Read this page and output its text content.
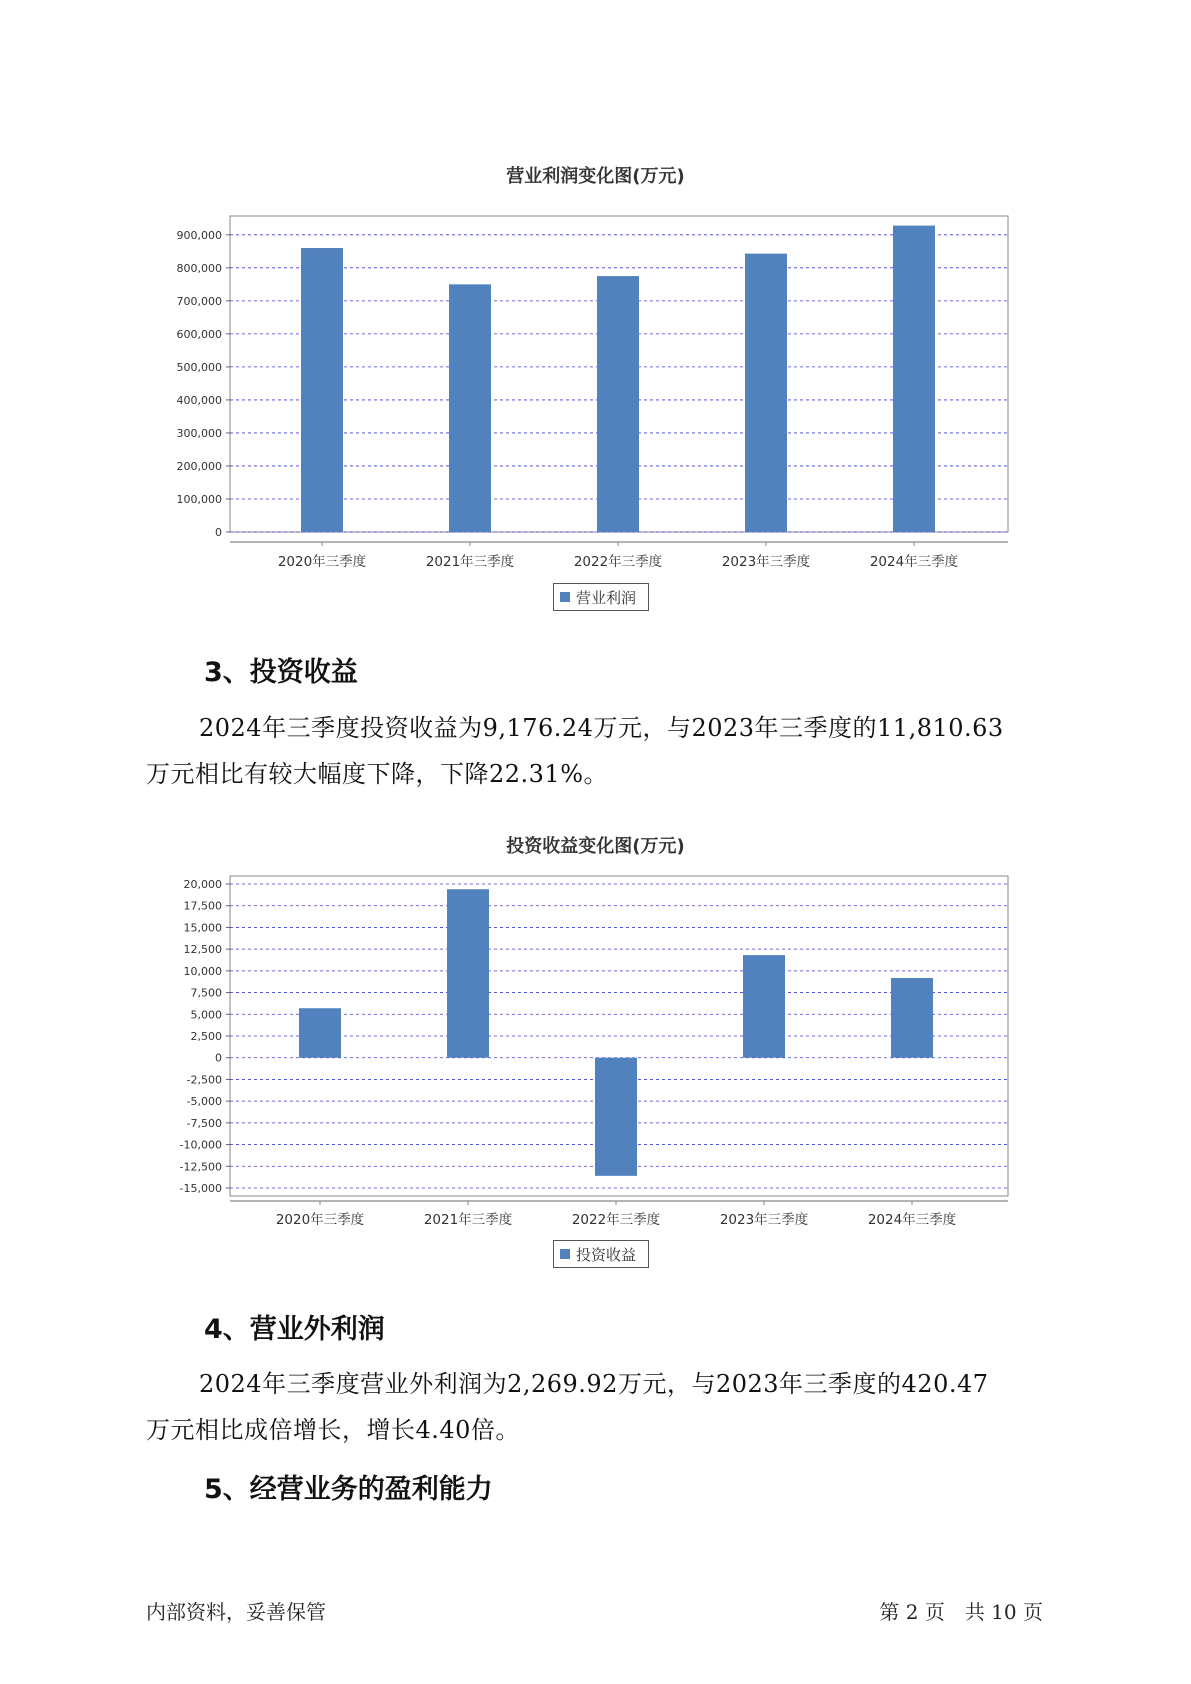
营业利润变化图(万元)
0
100,000
200,000
300,000
400,000
500,000
600,000
700,000
800,000
900,000
2020年三季度	2021年三季度	2022年三季度	2023年三季度	2024年三季度
营业利润
3、投资收益
2024年三季度投资收益为9,176.24万元，与2023年三季度的11,810.63
万元相比有较大幅度下降，下降22.31%。
投资收益变化图(万元)
20,000
17,500
15,000
12,500
10,000
7,500
5,000
2,500
0
-2,500
-5,000
-7,500
-10,000
-12,500
-15,000
2020年三季度	2021年三季度	2022年三季度	2023年三季度	2024年三季度
投资收益
4、营业外利润
2024年三季度营业外利润为2,269.92万元，与2023年三季度的420.47
万元相比成倍增长，增长4.40倍。
5、经营业务的盈利能力
内部资料，妥善保管	第 2 页　共 10 页
